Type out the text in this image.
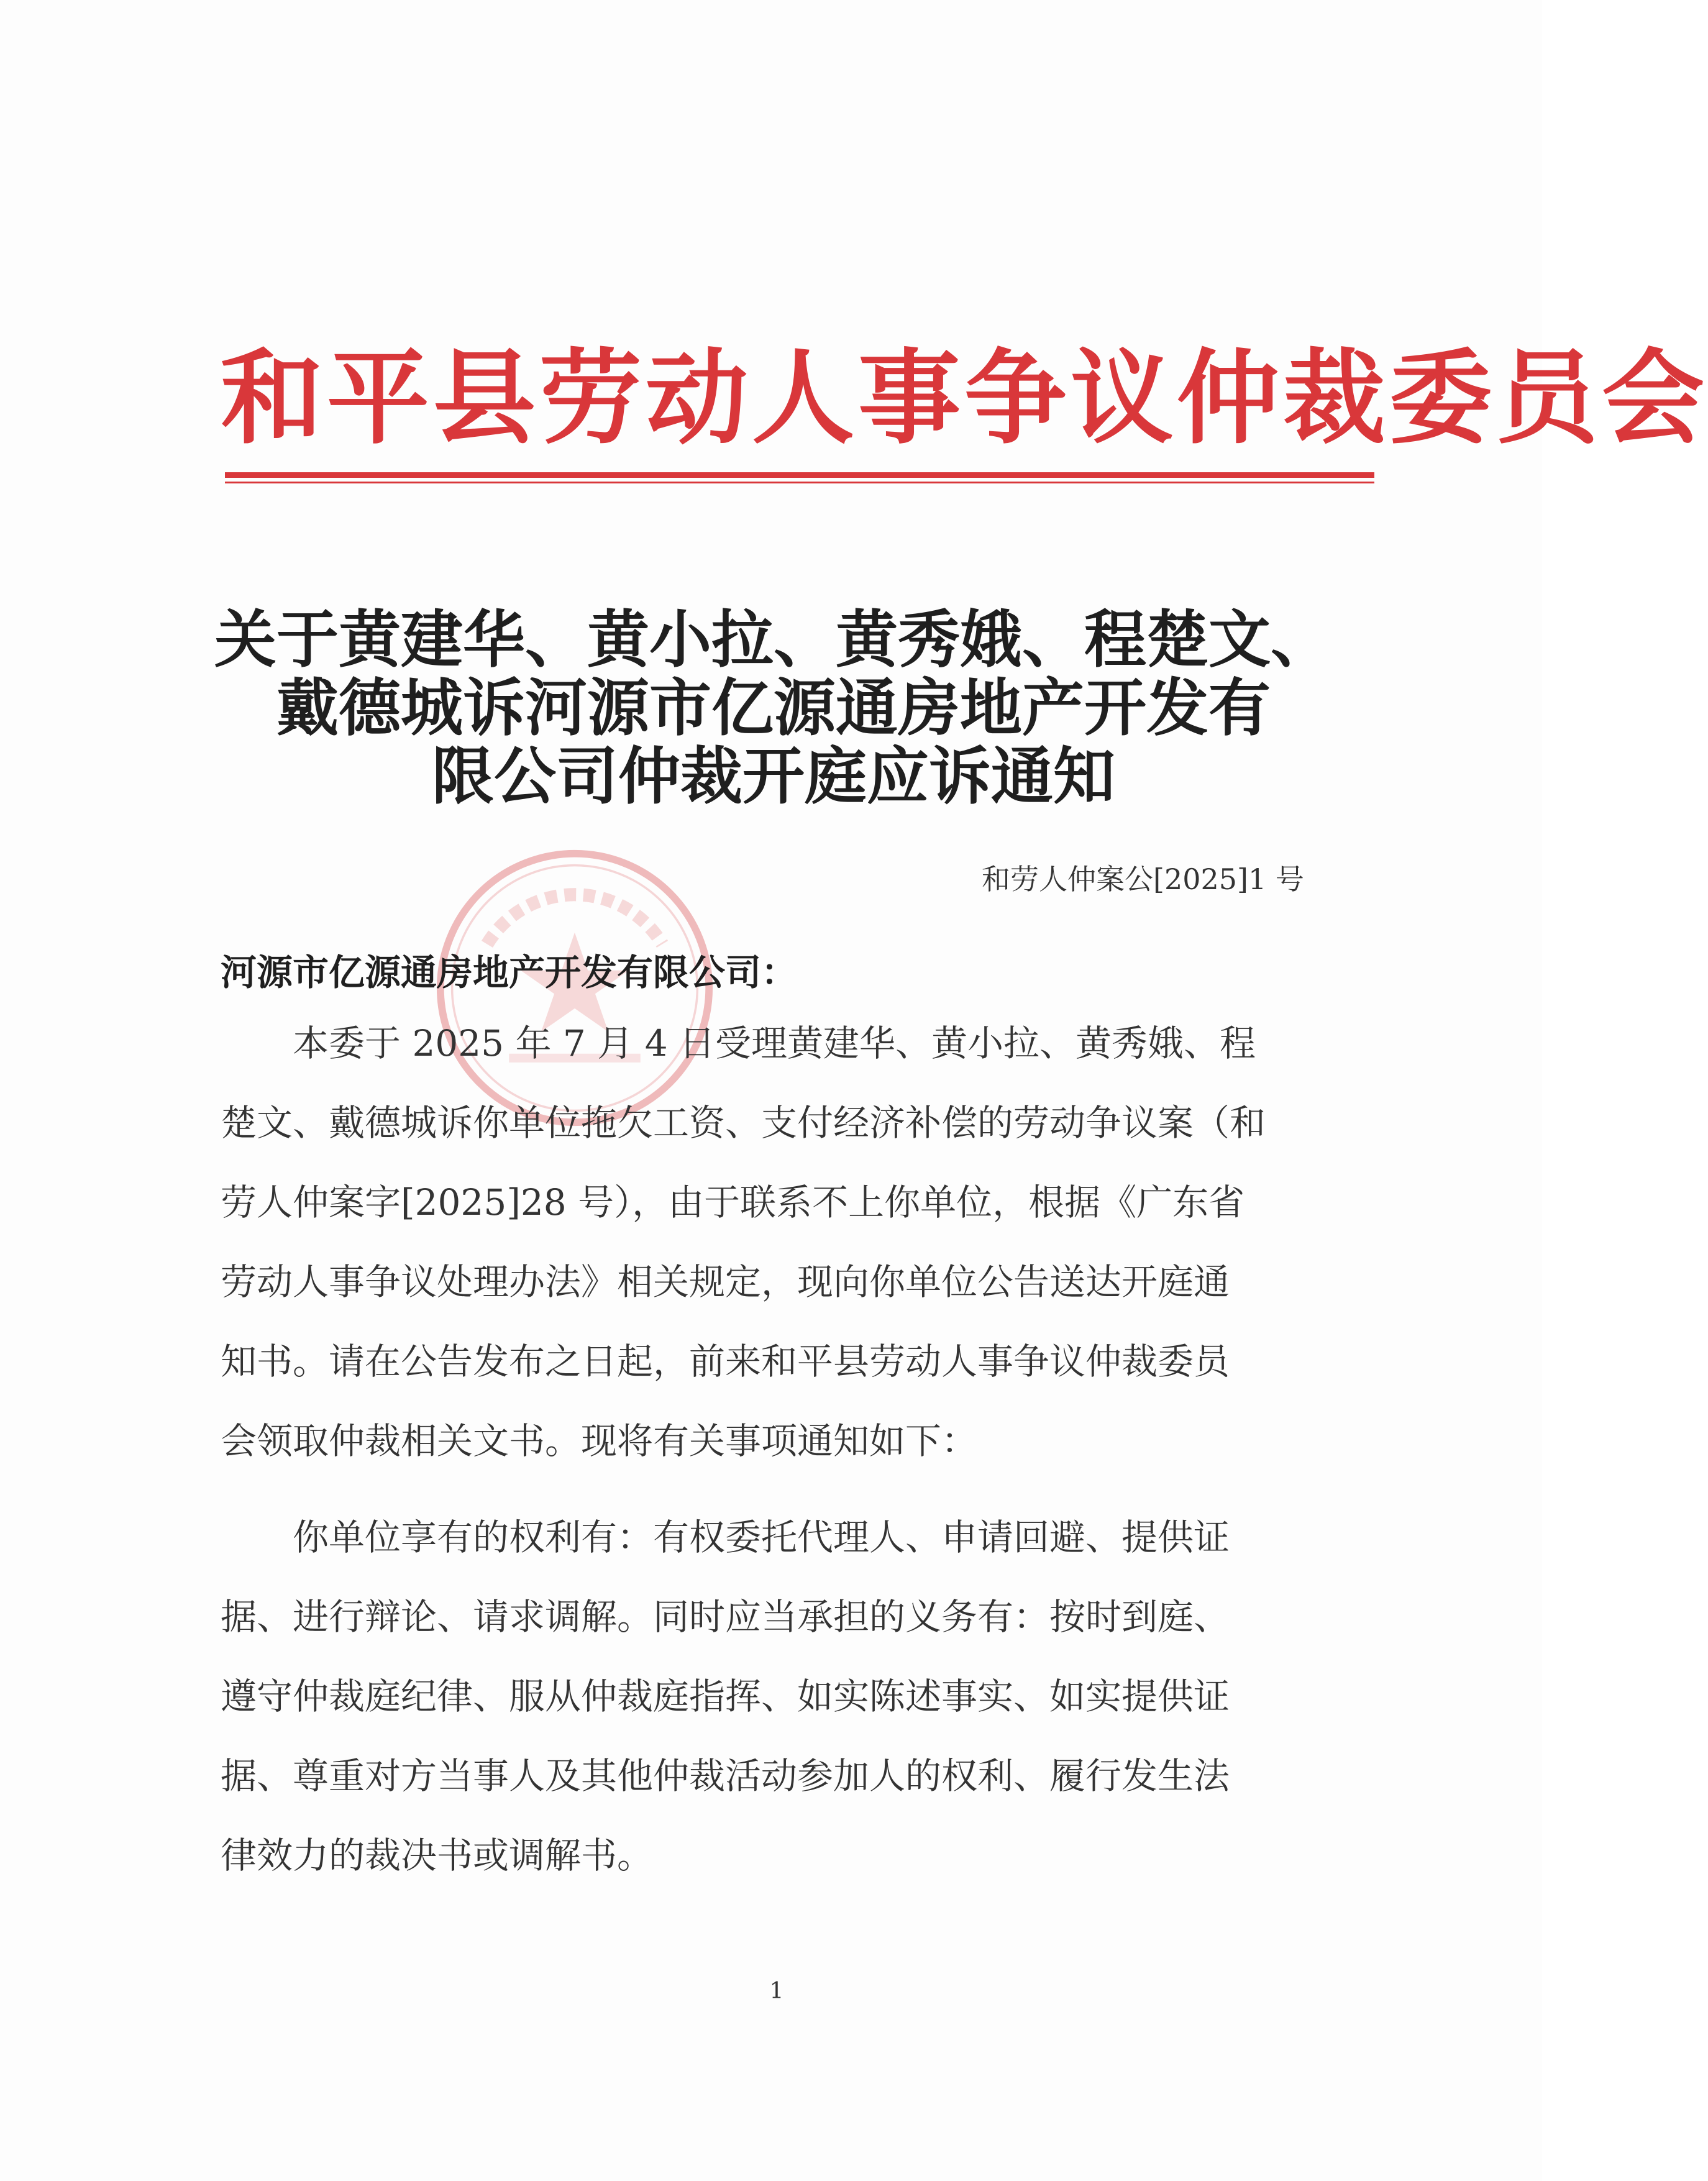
和平县劳动人事争议仲裁委员会
关于黄建华、黄小拉、黄秀娥、程楚文、
戴德城诉河源市亿源通房地产开发有
限公司仲裁开庭应诉通知
和劳人仲案公[2025]1 号
河源市亿源通房地产开发有限公司：
　　本委于 2025 年 7 月 4 日受理黄建华、黄小拉、黄秀娥、程
楚文、戴德城诉你单位拖欠工资、支付经济补偿的劳动争议案（和
劳人仲案字[2025]28 号），由于联系不上你单位，根据《广东省
劳动人事争议处理办法》相关规定，现向你单位公告送达开庭通
知书。请在公告发布之日起，前来和平县劳动人事争议仲裁委员
会领取仲裁相关文书。现将有关事项通知如下：
　　你单位享有的权利有：有权委托代理人、申请回避、提供证
据、进行辩论、请求调解。同时应当承担的义务有：按时到庭、
遵守仲裁庭纪律、服从仲裁庭指挥、如实陈述事实、如实提供证
据、尊重对方当事人及其他仲裁活动参加人的权利、履行发生法
律效力的裁决书或调解书。
1
